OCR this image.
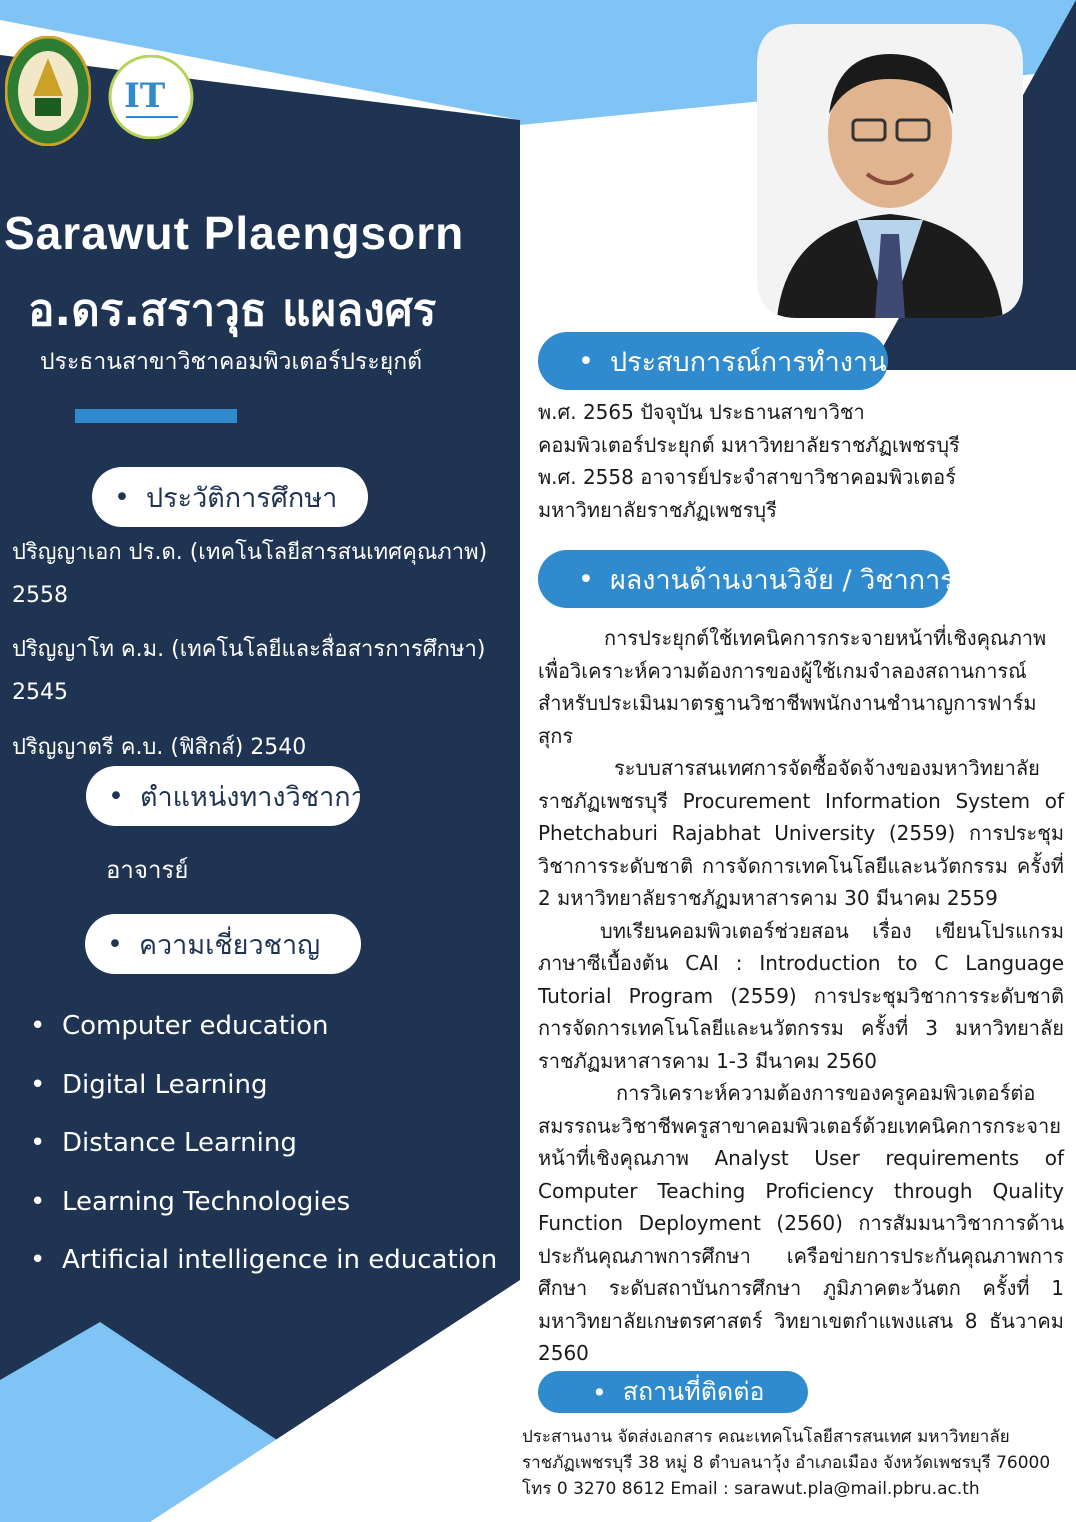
IT
Sarawut Plaengsorn
อ.ดร.สราวุธ แผลงศร
ประธานสาขาวิชาคอมพิวเตอร์ประยุกต์
• ประวัติการศึกษา
ปริญญาเอก ปร.ด. (เทคโนโลยีสารสนเทศคุณภาพ)
2558
ปริญญาโท ค.ม. (เทคโนโลยีและสื่อสารการศึกษา)
2545
ปริญญาตรี ค.บ. (ฟิสิกส์) 2540
• ตำแหน่งทางวิชาการ
อาจารย์
• ความเชี่ยวชาญ
• Computer education
• Digital Learning
• Distance Learning
• Learning Technologies
• Artificial intelligence in education
• ประสบการณ์การทำงาน
พ.ศ. 2565 ปัจจุบัน ประธานสาขาวิชา
คอมพิวเตอร์ประยุกต์ มหาวิทยาลัยราชภัฏเพชรบุรี
พ.ศ. 2558 อาจารย์ประจำสาขาวิชาคอมพิวเตอร์
มหาวิทยาลัยราชภัฏเพชรบุรี
• ผลงานด้านงานวิจัย / วิชาการ
การประยุกต์ใช้เทคนิคการกระจายหน้าที่เชิงคุณภาพเพื่อวิเคราะห์ความต้องการของผู้ใช้เกมจำลองสถานการณ์สำหรับประเมินมาตรฐานวิชาชีพพนักงานชำนาญการฟาร์มสุกร
ระบบสารสนเทศการจัดซื้อจัดจ้างของมหาวิทยาลัยราชภัฏเพชรบุรี Procurement Information System of Phetchaburi Rajabhat University (2559) การประชุมวิชาการระดับชาติ การจัดการเทคโนโลยีและนวัตกรรม ครั้งที่ 2 มหาวิทยาลัยราชภัฏมหาสารคาม 30 มีนาคม 2559
บทเรียนคอมพิวเตอร์ช่วยสอน เรื่อง เขียนโปรแกรมภาษาซีเบื้องต้น CAI : Introduction to C Language Tutorial Program (2559) การประชุมวิชาการระดับชาติ การจัดการเทคโนโลยีและนวัตกรรม ครั้งที่ 3 มหาวิทยาลัยราชภัฏมหาสารคาม 1-3 มีนาคม 2560
การวิเคราะห์ความต้องการของครูคอมพิวเตอร์ต่อสมรรถนะวิชาชีพครูสาขาคอมพิวเตอร์ด้วยเทคนิคการกระจายหน้าที่เชิงคุณภาพ Analyst User requirements of Computer Teaching Proficiency through Quality Function Deployment (2560) การสัมมนาวิชาการด้านประกันคุณภาพการศึกษา เครือข่ายการประกันคุณภาพการศึกษา ระดับสถาบันการศึกษา ภูมิภาคตะวันตก ครั้งที่ 1 มหาวิทยาลัยเกษตรศาสตร์ วิทยาเขตกำแพงแสน 8 ธันวาคม 2560
• สถานที่ติดต่อ
ประสานงาน จัดส่งเอกสาร คณะเทคโนโลยีสารสนเทศ มหาวิทยาลัย
ราชภัฏเพชรบุรี 38 หมู่ 8 ตำบลนาวุ้ง อำเภอเมือง จังหวัดเพชรบุรี 76000
โทร 0 3270 8612 Email : sarawut.pla@mail.pbru.ac.th
